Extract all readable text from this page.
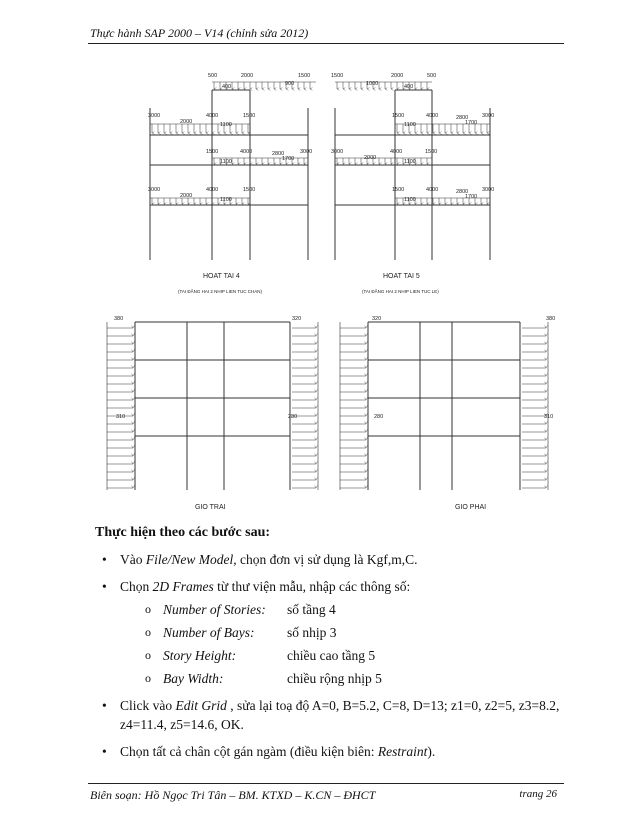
Thực hành SAP 2000 – V14 (chỉnh sửa 2012)
500	2000	1500
400	900
3000
2000
4000
1100
1500
1500	4000	2800
1700
3000
1100
3000
2000
4000
1100
1500
HOAT TAI 4
(TAI ĐẰNG HAI 2 NHIP LIEN TUC CHAN)
1500
1000
2000	500
400
1500
1100
4000	2800
1700
3000
3000
2000
4000
1100
1500
1500
1100
4000	2800
1700
3000
HOAT TAI 5
(TAI ĐẰNG HAI 2 NHIP LIEN TUC LE)
380	320
310	280
GIO TRAI
320	380
280	310
GIO PHAI
Thực hiện theo các bước sau:
• Vào File/New Model, chọn đơn vị sử dụng là Kgf,m,C.
• Chọn 2D Frames từ thư viện mẫu, nhập các thông số:
o Number of Stories: số tầng 4
o Number of Bays: số nhịp 3
o Story Height:	chiều cao tầng 5
o Bay Width:	chiều rộng nhịp 5
• Click vào Edit Grid , sửa lại toạ độ A=0, B=5.2, C=8, D=13; z1=0, z2=5, z3=8.2, z4=11.4, z5=14.6, OK.
• Chọn tất cả chân cột gán ngàm (điều kiện biên: Restraint).
Biên soạn: Hồ Ngọc Tri Tân – BM. KTXD – K.CN – ĐHCT	trang 26
